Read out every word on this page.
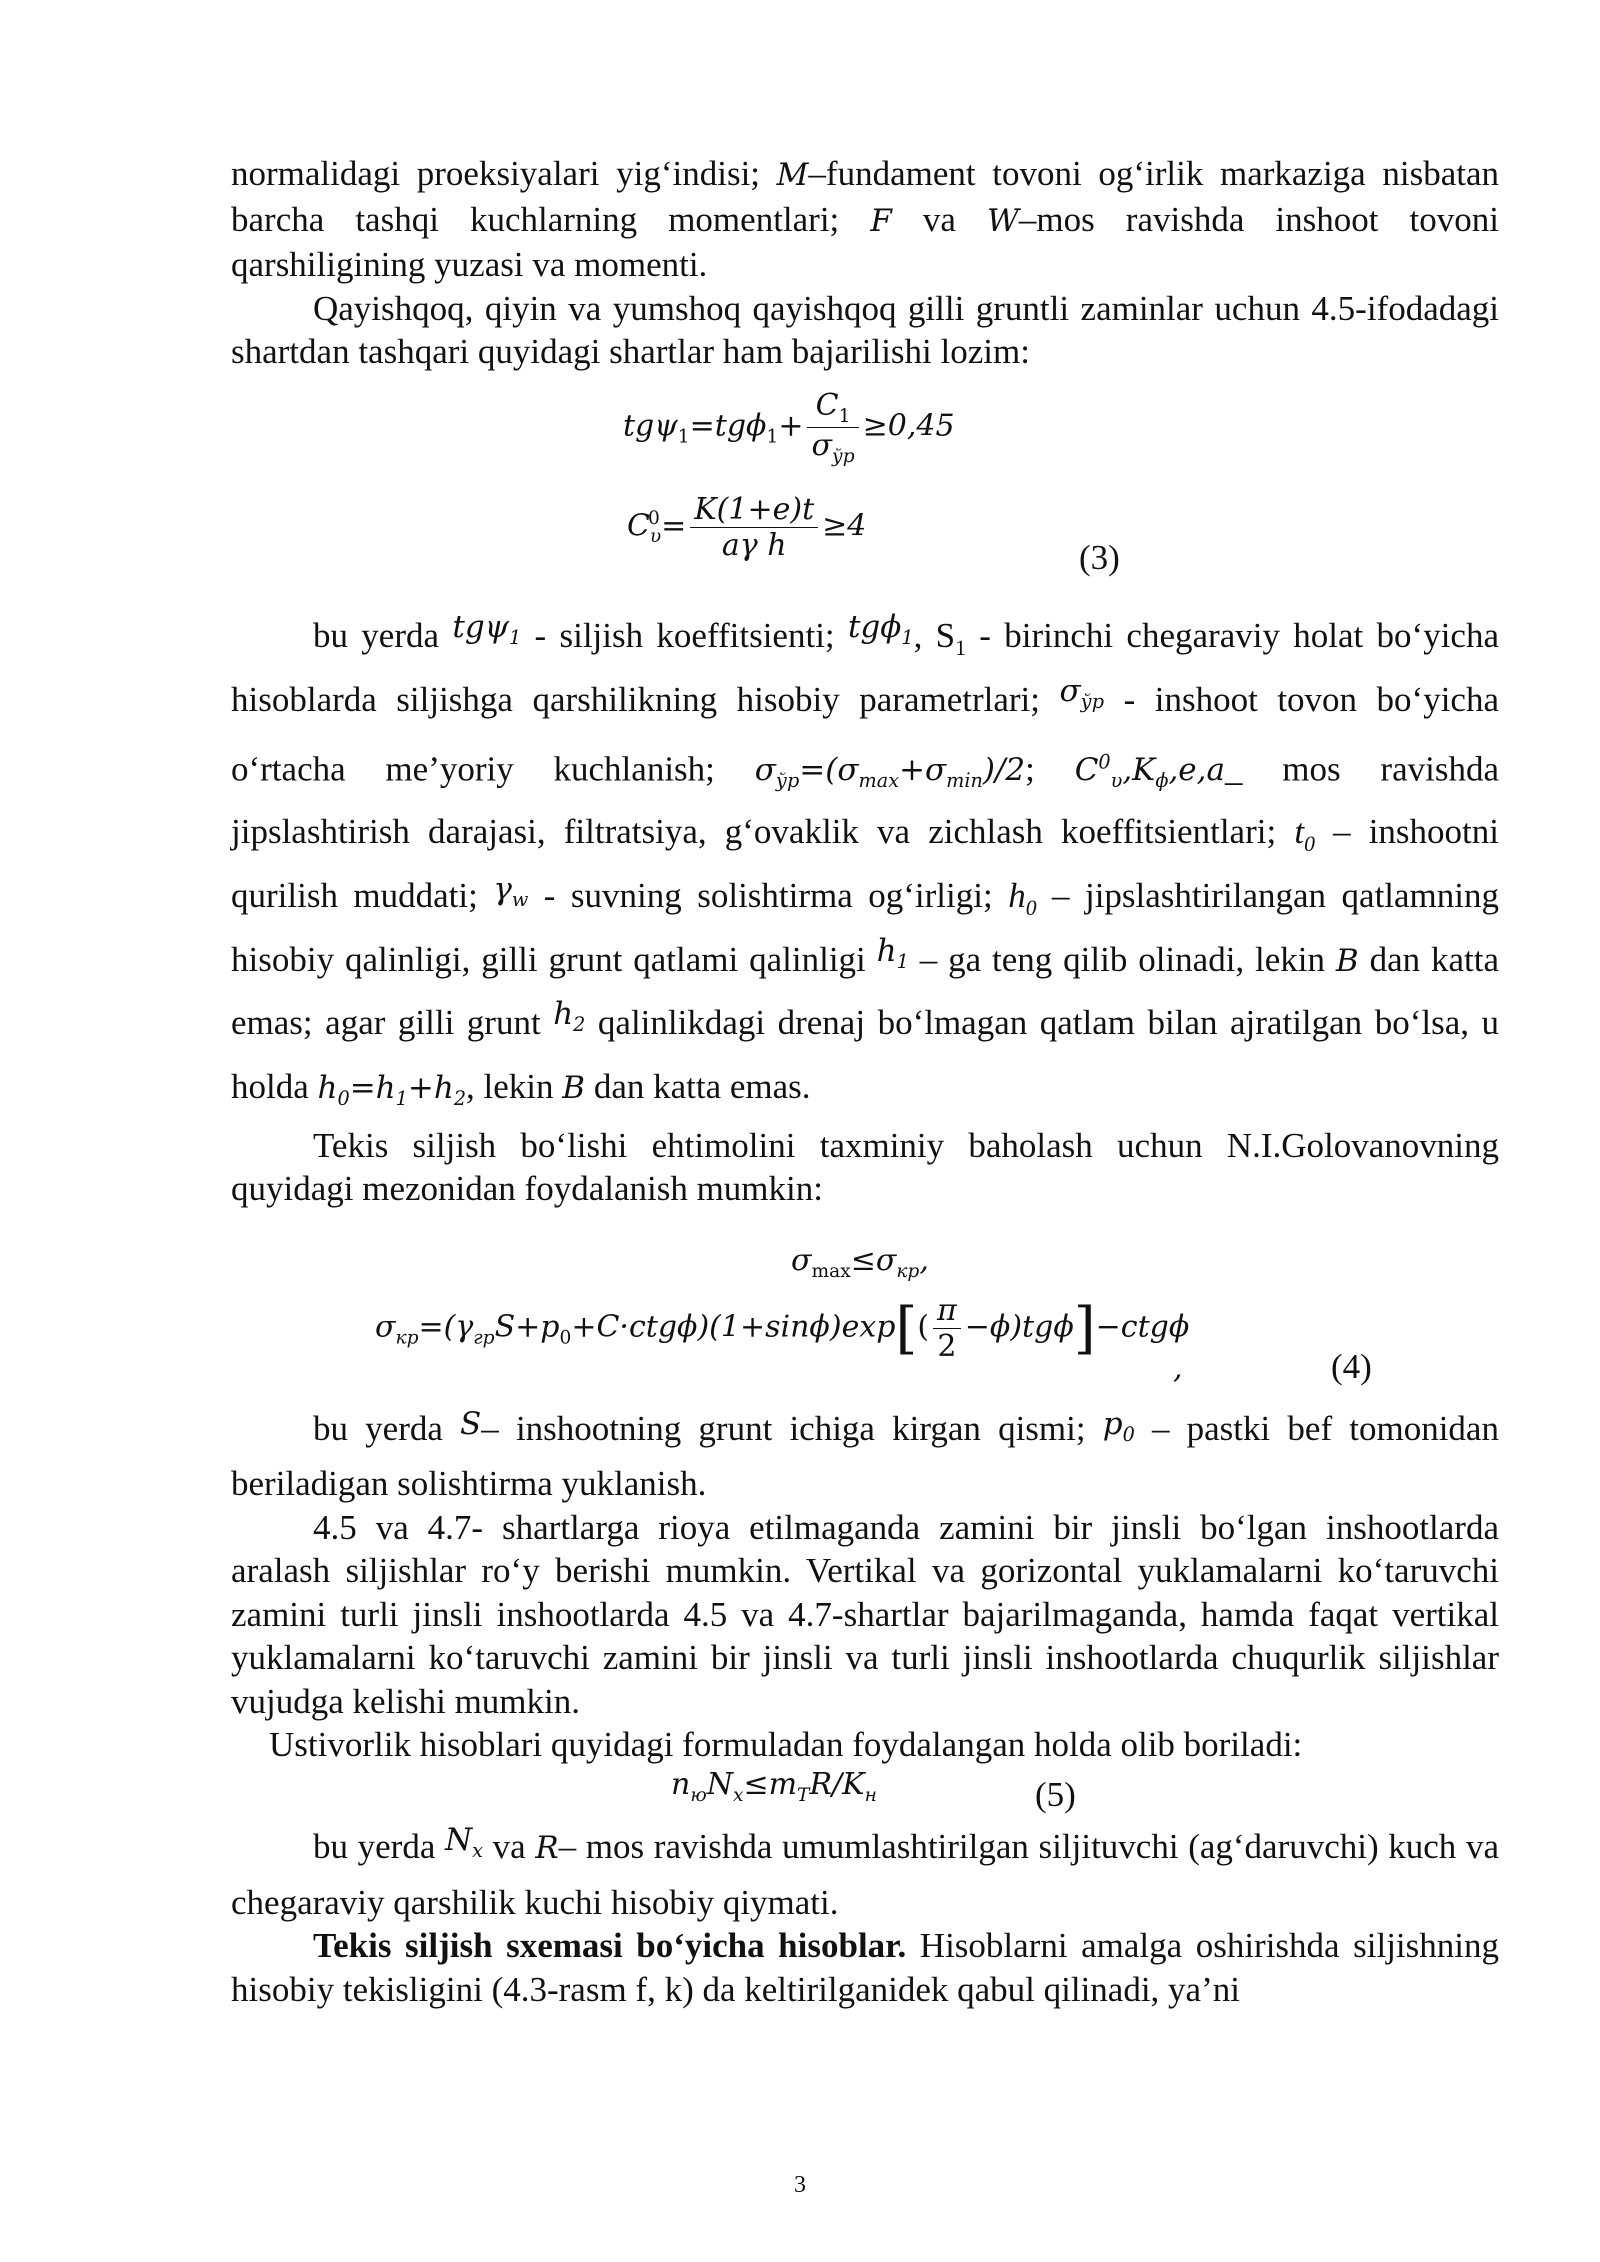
normalidagi proeksiyalari yig‘indisi; M–fundament tovoni og‘irlik markaziga nisbatan barcha tashqi kuchlarning momentlari; F va W–mos ravishda inshoot tovoni qarshiligining yuzasi va momenti.

Qayishqoq, qiyin va yumshoq qayishqoq gilli gruntli zaminlar uchun 4.5-ifodadagi shartdan tashqari quyidagi shartlar ham bajarilishi lozim:

$tg\psi_1=tg\phi_1+ \frac{C_1}{\sigma_{ўр}} \ge 0,45$
$C^0_\upsilon= \frac{K(1+e)t}{\text{aγ h}} \ge 4$
(3)

bu yerda tgψ$_1$ - siljish koeffitsienti; tgϕ$_1$, $S_1$ - birinchi chegaraviy holat bo‘yicha hisoblarda siljishga qarshilikning hisobiy parametrlari; $\sigma_{ўр}$ - inshoot tovon bo‘yicha o‘rtacha me’yoriy kuchlanish; $\sigma_{ўр}=(\sigma_{max}+\sigma_{min})/2$; $C^0_\upsilon,K_\phi,e,a\_$ mos ravishda jipslashtirish darajasi, filtratsiya, g‘ovaklik va zichlash koeffitsientlari; $t_0$ – inshootni qurilish muddati; $\gamma_w$ - suvning solishtirma og‘irligi; $h_0$ – jipslashtirilangan qatlamning hisobiy qalinligi, gilli grunt qatlami qalinligi $h_1$ – ga teng qilib olinadi, lekin B dan katta emas; agar gilli grunt $h_2$ qalinlikdagi drenaj bo‘lmagan qatlam bilan ajratilgan bo‘lsa, u holda $h_0=h_1+h_2$, lekin B dan katta emas.

Tekis siljish bo‘lishi ehtimolini taxminiy baholash uchun N.I.Golovanovning quyidagi mezonidan foydalanish mumkin:

$\sigma_{max}\le\sigma_{кр}$,
$\sigma_{кр}=(\gamma_{гр}S+p_0+C\cdot ctg\phi)(1+\sin\phi)\exp[( \frac{\pi}{2} -\phi)tg\phi]-ctg\phi$
,	(4)

bu yerda S– inshootning grunt ichiga kirgan qismi; $p_0$ – pastki bef tomonidan beriladigan solishtirma yuklanish.

4.5 va 4.7- shartlarga rioya etilmaganda zamini bir jinsli bo‘lgan inshootlarda aralash siljishlar ro‘y berishi mumkin. Vertikal va gorizontal yuklamalarni ko‘taruvchi zamini turli jinsli inshootlarda 4.5 va 4.7-shartlar bajarilmaganda, hamda faqat vertikal yuklamalarni ko‘taruvchi zamini bir jinsli va turli jinsli inshootlarda chuqurlik siljishlar vujudga kelishi mumkin.

Ustivorlik hisoblari quyidagi formuladan foydalangan holda olib boriladi:

$n_юN_x\le m_TR/K_н$	(5)

bu yerda $N_x$ va R– mos ravishda umumlashtirilgan siljituvchi (ag‘daruvchi) kuch va chegaraviy qarshilik kuchi hisobiy qiymati.

Tekis siljish sxemasi bo‘yicha hisoblar. Hisoblarni amalga oshirishda siljishning hisobiy tekisligini (4.3-rasm f, k) da keltirilganidek qabul qilinadi, ya’ni

3
